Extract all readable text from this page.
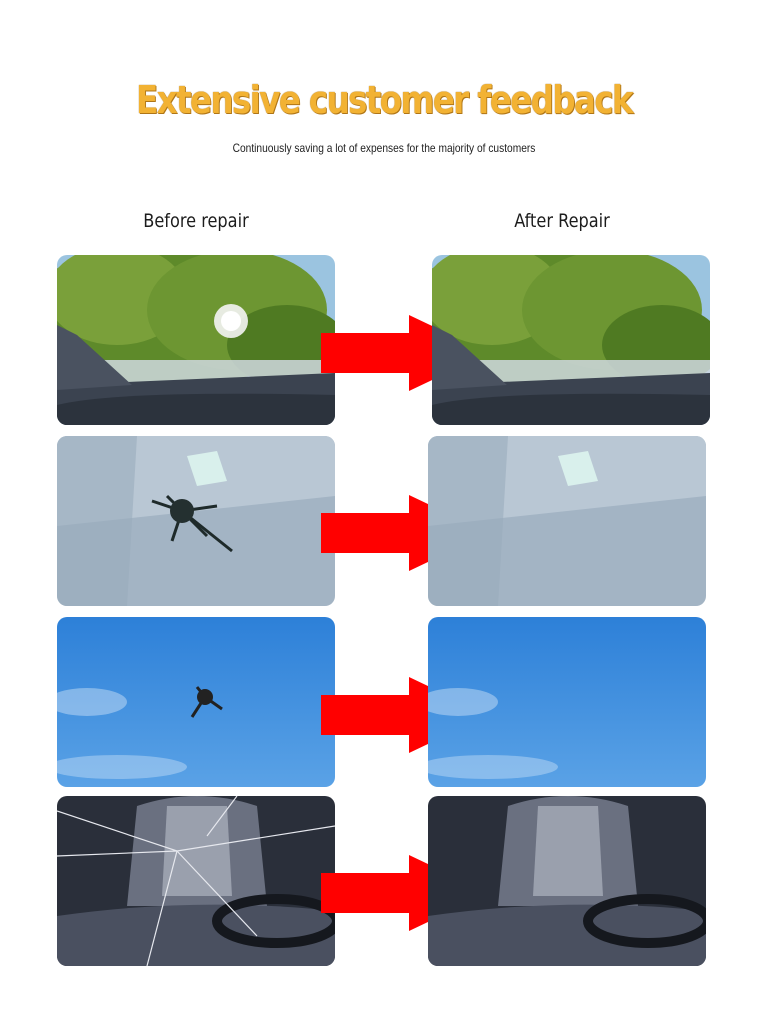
Extensive customer feedback
Continuously saving a lot of expenses for the majority of customers
Before repair	After Repair
